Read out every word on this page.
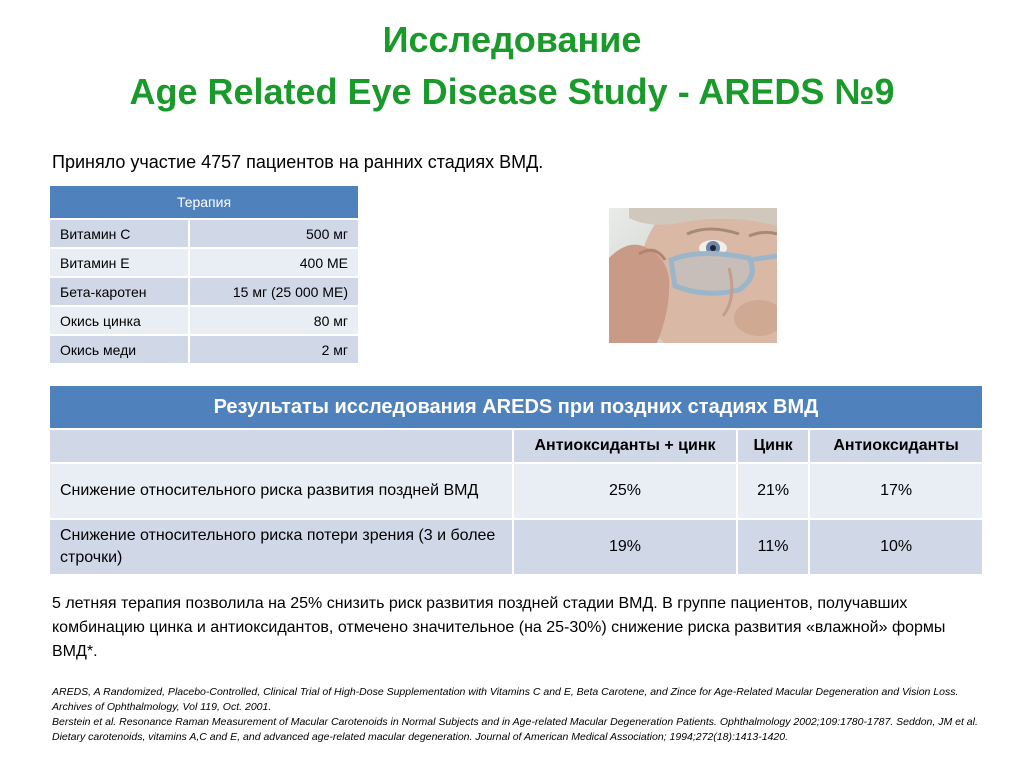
Исследование
Age Related Eye Disease Study - AREDS №9
Приняло участие 4757 пациентов на ранних стадиях ВМД.
Терапия	
Витамин С	500 мг
Витамин Е	400 МЕ
Бета-каротен	15 мг (25 000 МЕ)
Окись цинка	80 мг
Окись меди	2 мг
Результаты исследования AREDS при поздних стадиях ВМД			
	Антиоксиданты + цинк	Цинк	Антиоксиданты
Снижение относительного риска развития поздней ВМД	25%	21%	17%
Снижение относительного риска потери зрения (3 и более строчки)	19%	11%	10%
5 летняя терапия позволила на 25% снизить риск развития поздней стадии ВМД. В группе пациентов, получавших комбинацию цинка и антиоксидантов, отмечено значительное (на 25-30%) снижение риска развития «влажной» формы ВМД*.
AREDS, A Randomized, Placebo-Controlled, Clinical Trial of High-Dose Supplementation with Vitamins C and E, Beta Carotene, and Zince for Age-Related Macular Degeneration and Vision Loss. Archives of Ophthalmology, Vol 119, Oct. 2001.
Berstein et al. Resonance Raman Measurement of Macular Carotenoids in Normal Subjects and in Age-related Macular Degeneration Patients. Ophthalmology 2002;109:1780-1787. Seddon, JM et al. Dietary carotenoids, vitamins A,C and E, and advanced age-related macular degeneration. Journal of American Medical Association; 1994;272(18):1413-1420.
